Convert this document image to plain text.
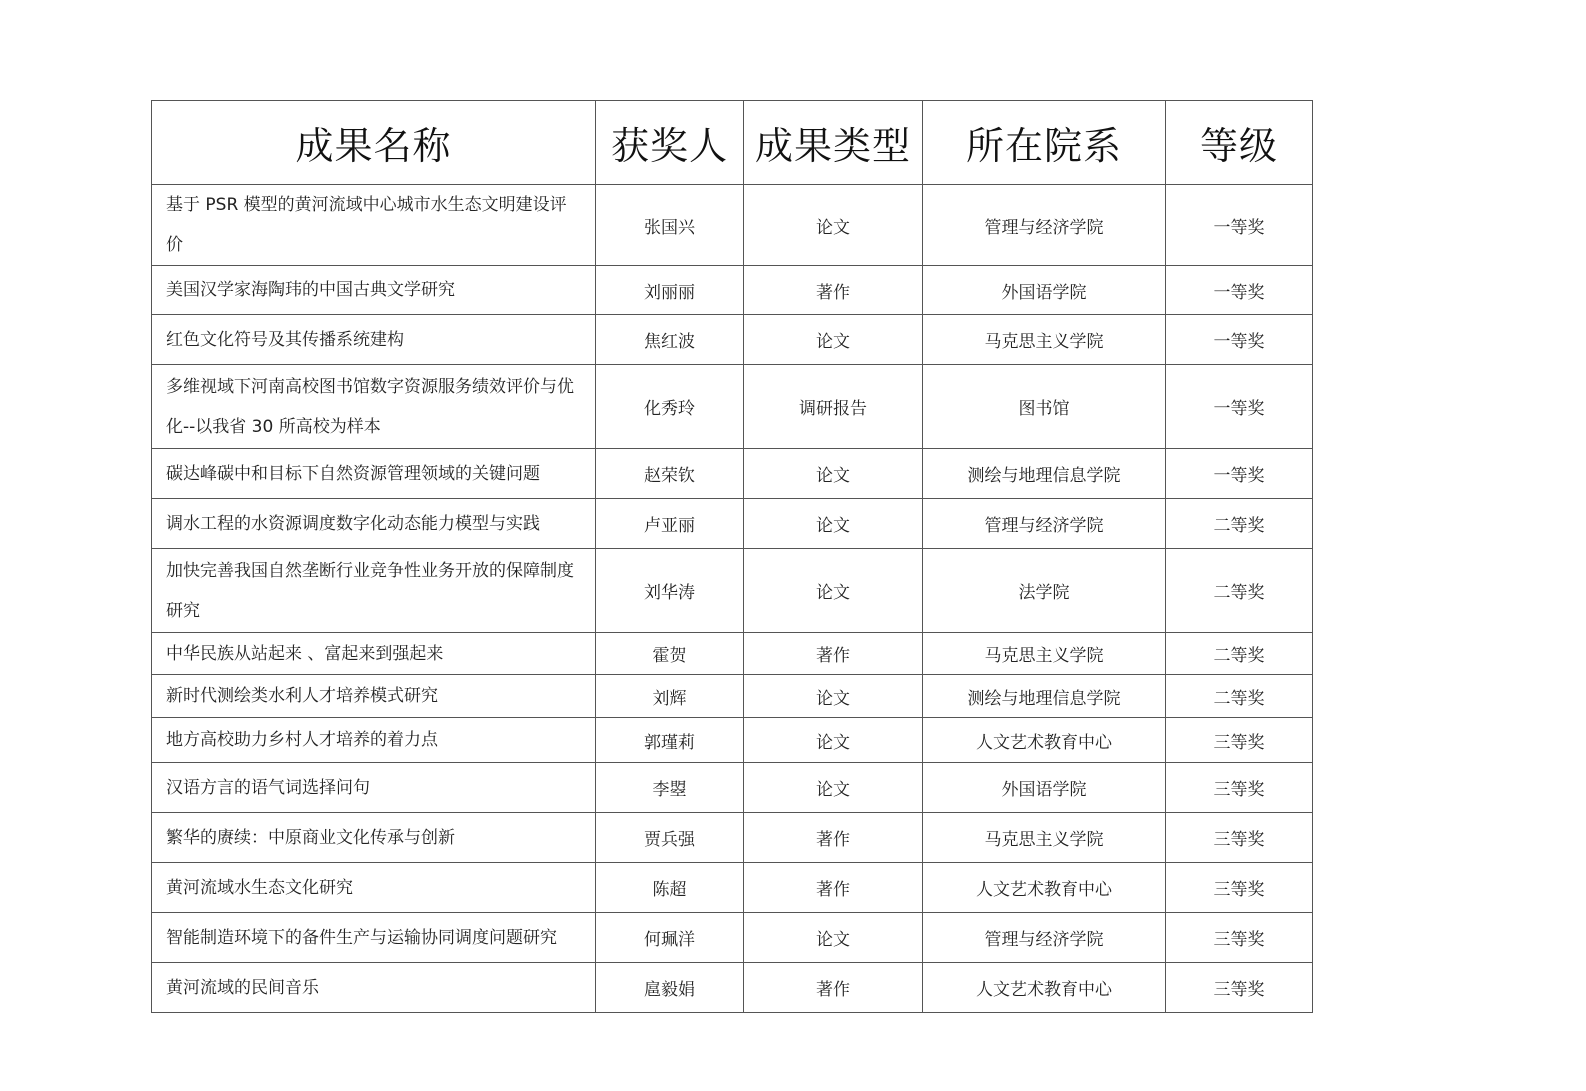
成果名称	获奖人	成果类型	所在院系	等级
基于 PSR 模型的黄河流域中心城市水生态文明建设评价	张国兴	论文	管理与经济学院	一等奖
美国汉学家海陶玮的中国古典文学研究	刘丽丽	著作	外国语学院	一等奖
红色文化符号及其传播系统建构	焦红波	论文	马克思主义学院	一等奖
多维视域下河南高校图书馆数字资源服务绩效评价与优化--以我省 30 所高校为样本	化秀玲	调研报告	图书馆	一等奖
碳达峰碳中和目标下自然资源管理领域的关键问题	赵荣钦	论文	测绘与地理信息学院	一等奖
调水工程的水资源调度数字化动态能力模型与实践	卢亚丽	论文	管理与经济学院	二等奖
加快完善我国自然垄断行业竞争性业务开放的保障制度研究	刘华涛	论文	法学院	二等奖
中华民族从站起来 、富起来到强起来	霍贺	著作	马克思主义学院	二等奖
新时代测绘类水利人才培养模式研究	刘辉	论文	测绘与地理信息学院	二等奖
地方高校助力乡村人才培养的着力点	郭瑾莉	论文	人文艺术教育中心	三等奖
汉语方言的语气词选择问句	李曌	论文	外国语学院	三等奖
繁华的赓续：中原商业文化传承与创新	贾兵强	著作	马克思主义学院	三等奖
黄河流域水生态文化研究	陈超	著作	人文艺术教育中心	三等奖
智能制造环境下的备件生产与运输协同调度问题研究	何珮洋	论文	管理与经济学院	三等奖
黄河流域的民间音乐	扈毅娟	著作	人文艺术教育中心	三等奖
